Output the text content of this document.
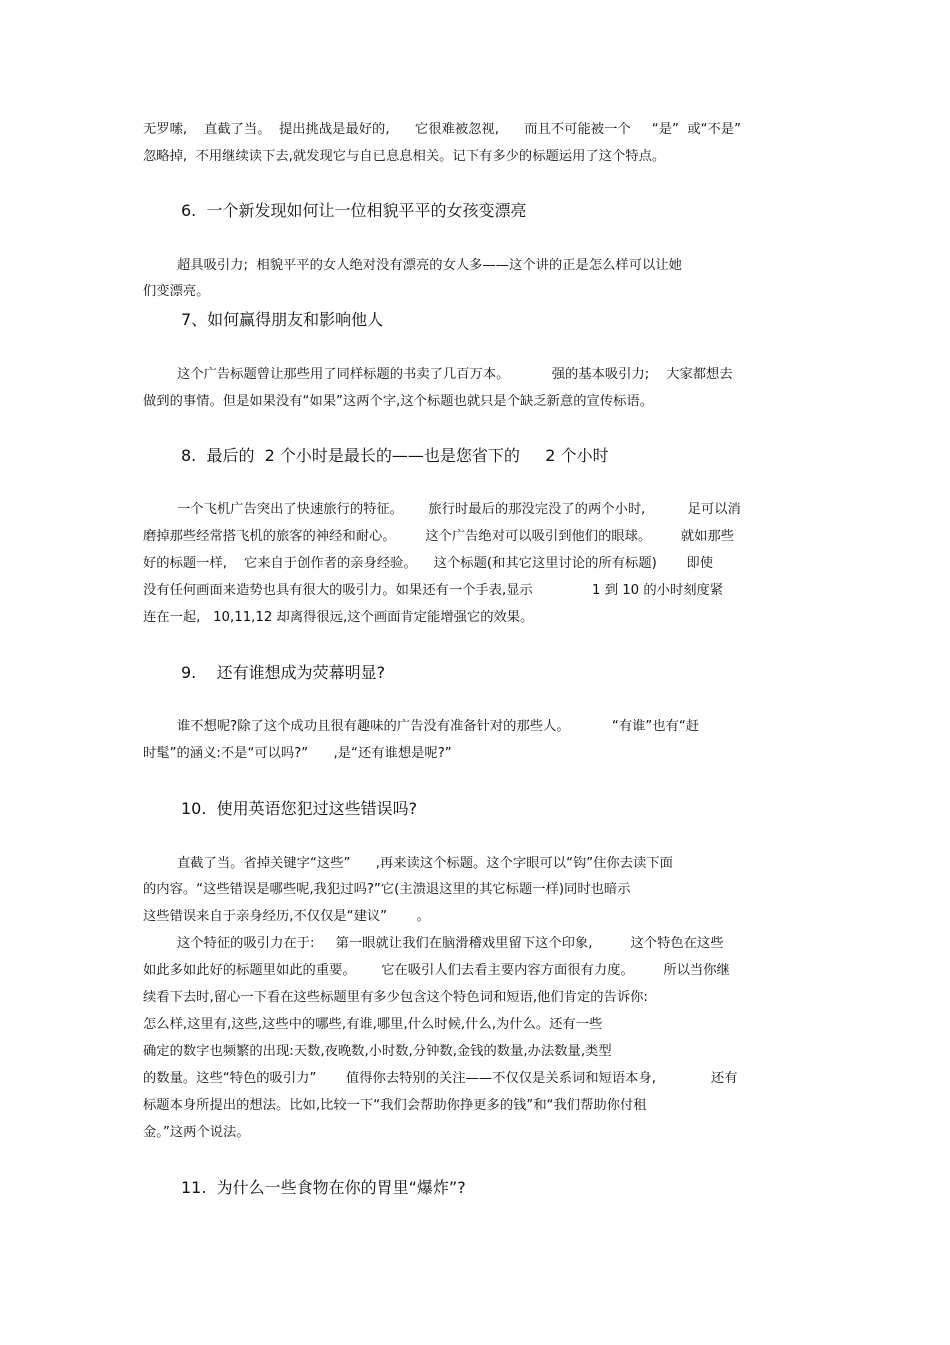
无罗嗦,    直截了当。  提出挑战是最好的,      它很难被忽视,      而且不可能被一个     “是”  或“不是”
忽略掉,  不用继续读下去,就发现它与自已息息相关。记下有多少的标题运用了这个特点。
6.  一个新发现如何让一位相貌平平的女孩变漂亮
超具吸引力;  相貌平平的女人绝对没有漂亮的女人多——这个讲的正是怎么样可以让她
们变漂亮。
7、如何赢得朋友和影响他人
这个广告标题曾让那些用了同样标题的书卖了几百万本。          强的基本吸引力;    大家都想去
做到的事情。但是如果没有“如果”这两个字,这个标题也就只是个缺乏新意的宣传标语。
8.  最后的  2 个小时是最长的——也是您省下的     2 个小时
一个飞机广告突出了快速旅行的特征。      旅行时最后的那没完没了的两个小时,          足可以消
磨掉那些经常搭飞机的旅客的神经和耐心。       这个广告绝对可以吸引到他们的眼球。       就如那些
好的标题一样,    它来自于创作者的亲身经验。    这个标题(和其它这里讨论的所有标题)       即使
没有任何画面来造势也具有很大的吸引力。如果还有一个手表,显示              1 到 10 的小时刻度紧
连在一起,   10,11,12 却离得很远,这个画面肯定能增强它的效果。
9.    还有谁想成为荧幕明显?
谁不想呢?除了这个成功且很有趣味的广告没有准备针对的那些人。          “有谁”也有“赶
时髦”的涵义:不是“可以吗?”      ,是“还有谁想是呢?”
10.  使用英语您犯过这些错误吗?
直截了当。省掉关键字“这些”      ,再来读这个标题。这个字眼可以“钩”住你去读下面
的内容。“这些错误是哪些呢,我犯过吗?”它(主溃退这里的其它标题一样)同时也暗示
这些错误来自于亲身经历,不仅仅是“建议”       。
这个特征的吸引力在于:     第一眼就让我们在脑滑稽戏里留下这个印象,         这个特色在这些
如此多如此好的标题里如此的重要。      它在吸引人们去看主要内容方面很有力度。       所以当你继
续看下去时,留心一下看在这些标题里有多少包含这个特色词和短语,他们肯定的告诉你:
怎么样,这里有,这些,这些中的哪些,有谁,哪里,什么时候,什么,为什么。还有一些
确定的数字也频繁的出现:天数,夜晚数,小时数,分钟数,金钱的数量,办法数量,类型
的数量。这些“特色的吸引力”       值得你去特别的关注——不仅仅是关系词和短语本身,             还有
标题本身所提出的想法。比如,比较一下“我们会帮助你挣更多的钱”和“我们帮助你付租
金。”这两个说法。
11.  为什么一些食物在你的胃里“爆炸”?
